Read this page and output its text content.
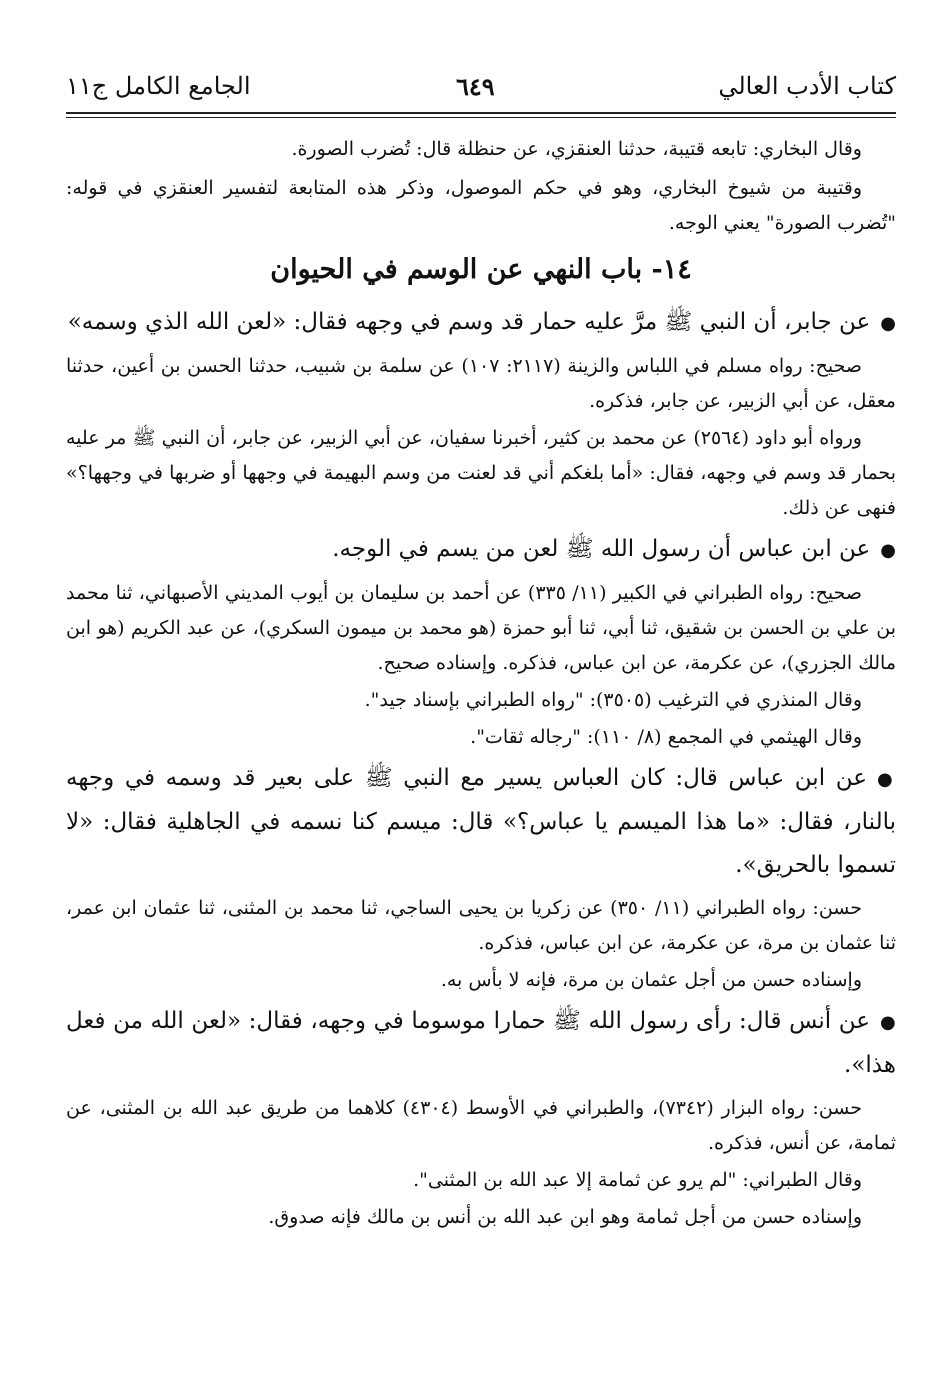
كتاب الأدب العالي
٦٤٩
الجامع الكامل ج١١

وقال البخاري: تابعه قتيبة، حدثنا العنقزي، عن حنظلة قال: تُضرب الصورة.

وقتيبة من شيوخ البخاري، وهو في حكم الموصول، وذكر هذه المتابعة لتفسير العنقزي في قوله: "تُضرب الصورة" يعني الوجه.

١٤- باب النهي عن الوسم في الحيوان

●عن جابر، أن النبي ﷺ مرَّ عليه حمار قد وسم في وجهه فقال: «لعن الله الذي وسمه»

صحيح: رواه مسلم في اللباس والزينة (٢١١٧: ١٠٧) عن سلمة بن شبيب، حدثنا الحسن بن أعين، حدثنا معقل، عن أبي الزبير، عن جابر، فذكره.

ورواه أبو داود (٢٥٦٤) عن محمد بن كثير، أخبرنا سفيان، عن أبي الزبير، عن جابر، أن النبي ﷺ مر عليه بحمار قد وسم في وجهه، فقال: «أما بلغكم أني قد لعنت من وسم البهيمة في وجهها أو ضربها في وجهها؟» فنهى عن ذلك.

●عن ابن عباس أن رسول الله ﷺ لعن من يسم في الوجه.

صحيح: رواه الطبراني في الكبير (١١/ ٣٣٥) عن أحمد بن سليمان بن أيوب المديني الأصبهاني، ثنا محمد بن علي بن الحسن بن شقيق، ثنا أبي، ثنا أبو حمزة (هو محمد بن ميمون السكري)، عن عبد الكريم (هو ابن مالك الجزري)، عن عكرمة، عن ابن عباس، فذكره. وإسناده صحيح.

وقال المنذري في الترغيب (٣٥٠٥): "رواه الطبراني بإسناد جيد".

وقال الهيثمي في المجمع (٨/ ١١٠): "رجاله ثقات".

●عن ابن عباس قال: كان العباس يسير مع النبي ﷺ على بعير قد وسمه في وجهه بالنار، فقال: «ما هذا الميسم يا عباس؟» قال: ميسم كنا نسمه في الجاهلية فقال: «لا تسموا بالحريق».

حسن: رواه الطبراني (١١/ ٣٥٠) عن زكريا بن يحيى الساجي، ثنا محمد بن المثنى، ثنا عثمان ابن عمر، ثنا عثمان بن مرة، عن عكرمة، عن ابن عباس، فذكره.

وإسناده حسن من أجل عثمان بن مرة، فإنه لا بأس به.

●عن أنس قال: رأى رسول الله ﷺ حمارا موسوما في وجهه، فقال: «لعن الله من فعل هذا».

حسن: رواه البزار (٧٣٤٢)، والطبراني في الأوسط (٤٣٠٤) كلاهما من طريق عبد الله بن المثنى، عن ثمامة، عن أنس، فذكره.

وقال الطبراني: "لم يرو عن ثمامة إلا عبد الله بن المثنى".

وإسناده حسن من أجل ثمامة وهو ابن عبد الله بن أنس بن مالك فإنه صدوق.
